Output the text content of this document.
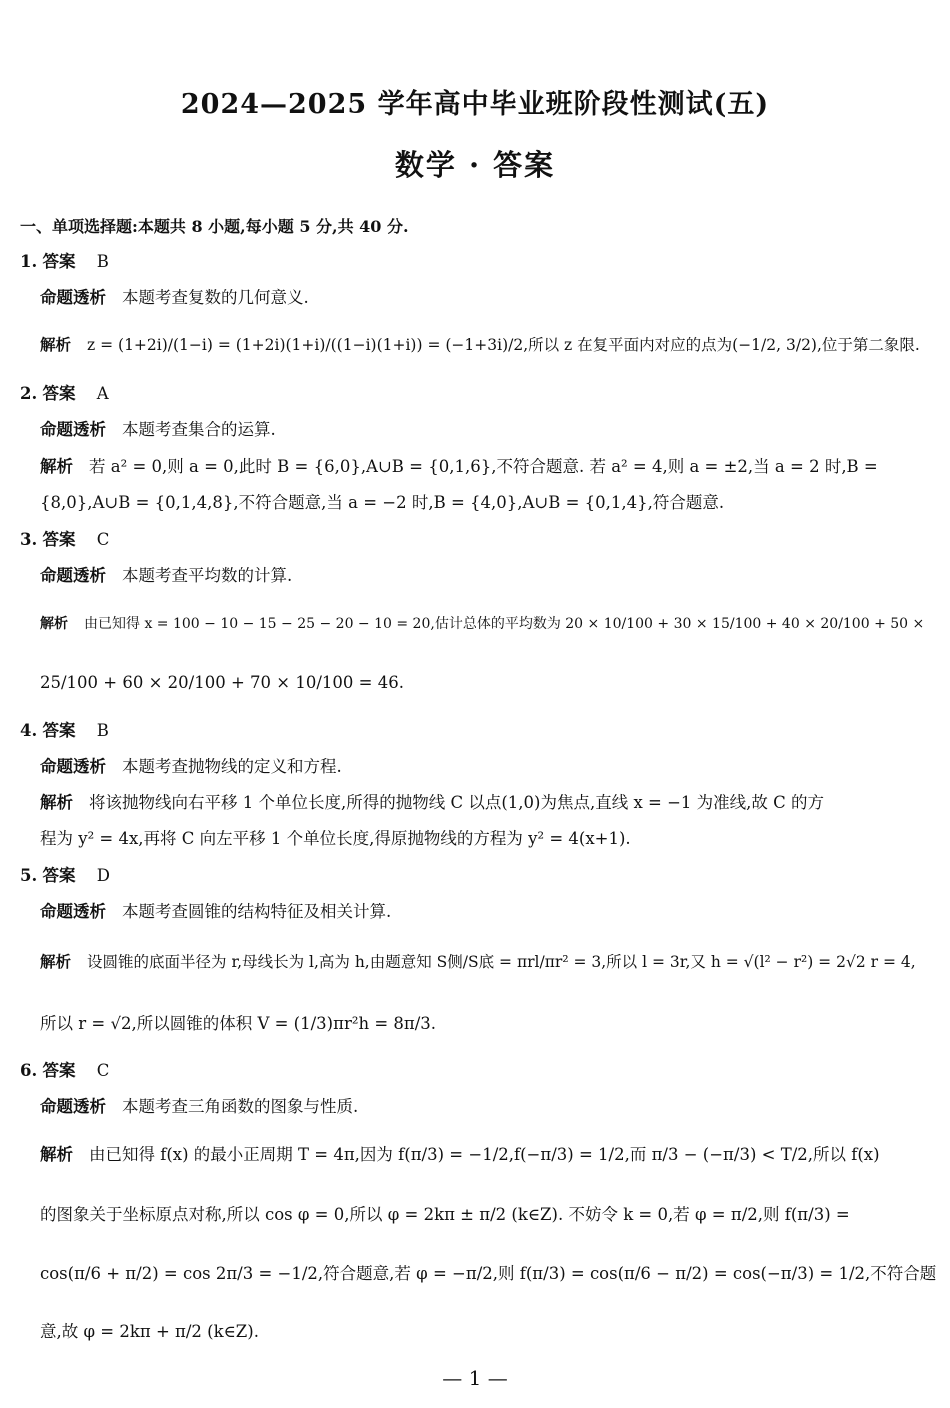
2024—2025 学年高中毕业班阶段性测试(五)
数学 · 答案
一、单项选择题:本题共 8 小题,每小题 5 分,共 40 分.
1. 答案 B
命题透析 本题考查复数的几何意义.
解析 z = (1+2i)/(1−i) = (1+2i)(1+i)/((1−i)(1+i)) = (−1+3i)/2,所以 z 在复平面内对应的点为(−1/2, 3/2),位于第二象限.
2. 答案 A
命题透析 本题考查集合的运算.
解析 若 a² = 0,则 a = 0,此时 B = {6,0},A∪B = {0,1,6},不符合题意. 若 a² = 4,则 a = ±2,当 a = 2 时,B =
{8,0},A∪B = {0,1,4,8},不符合题意,当 a = −2 时,B = {4,0},A∪B = {0,1,4},符合题意.
3. 答案 C
命题透析 本题考查平均数的计算.
解析 由已知得 x = 100 − 10 − 15 − 25 − 20 − 10 = 20,估计总体的平均数为 20 × 10/100 + 30 × 15/100 + 40 × 20/100 + 50 ×
25/100 + 60 × 20/100 + 70 × 10/100 = 46.
4. 答案 B
命题透析 本题考查抛物线的定义和方程.
解析 将该抛物线向右平移 1 个单位长度,所得的抛物线 C 以点(1,0)为焦点,直线 x = −1 为准线,故 C 的方
程为 y² = 4x,再将 C 向左平移 1 个单位长度,得原抛物线的方程为 y² = 4(x+1).
5. 答案 D
命题透析 本题考查圆锥的结构特征及相关计算.
解析 设圆锥的底面半径为 r,母线长为 l,高为 h,由题意知 S侧/S底 = πrl/πr² = 3,所以 l = 3r,又 h = √(l² − r²) = 2√2 r = 4,
所以 r = √2,所以圆锥的体积 V = (1/3)πr²h = 8π/3.
6. 答案 C
命题透析 本题考查三角函数的图象与性质.
解析 由已知得 f(x) 的最小正周期 T = 4π,因为 f(π/3) = −1/2,f(−π/3) = 1/2,而 π/3 − (−π/3) < T/2,所以 f(x)
的图象关于坐标原点对称,所以 cos φ = 0,所以 φ = 2kπ ± π/2 (k∈Z). 不妨令 k = 0,若 φ = π/2,则 f(π/3) =
cos(π/6 + π/2) = cos 2π/3 = −1/2,符合题意,若 φ = −π/2,则 f(π/3) = cos(π/6 − π/2) = cos(−π/3) = 1/2,不符合题
意,故 φ = 2kπ + π/2 (k∈Z).
— 1 —
